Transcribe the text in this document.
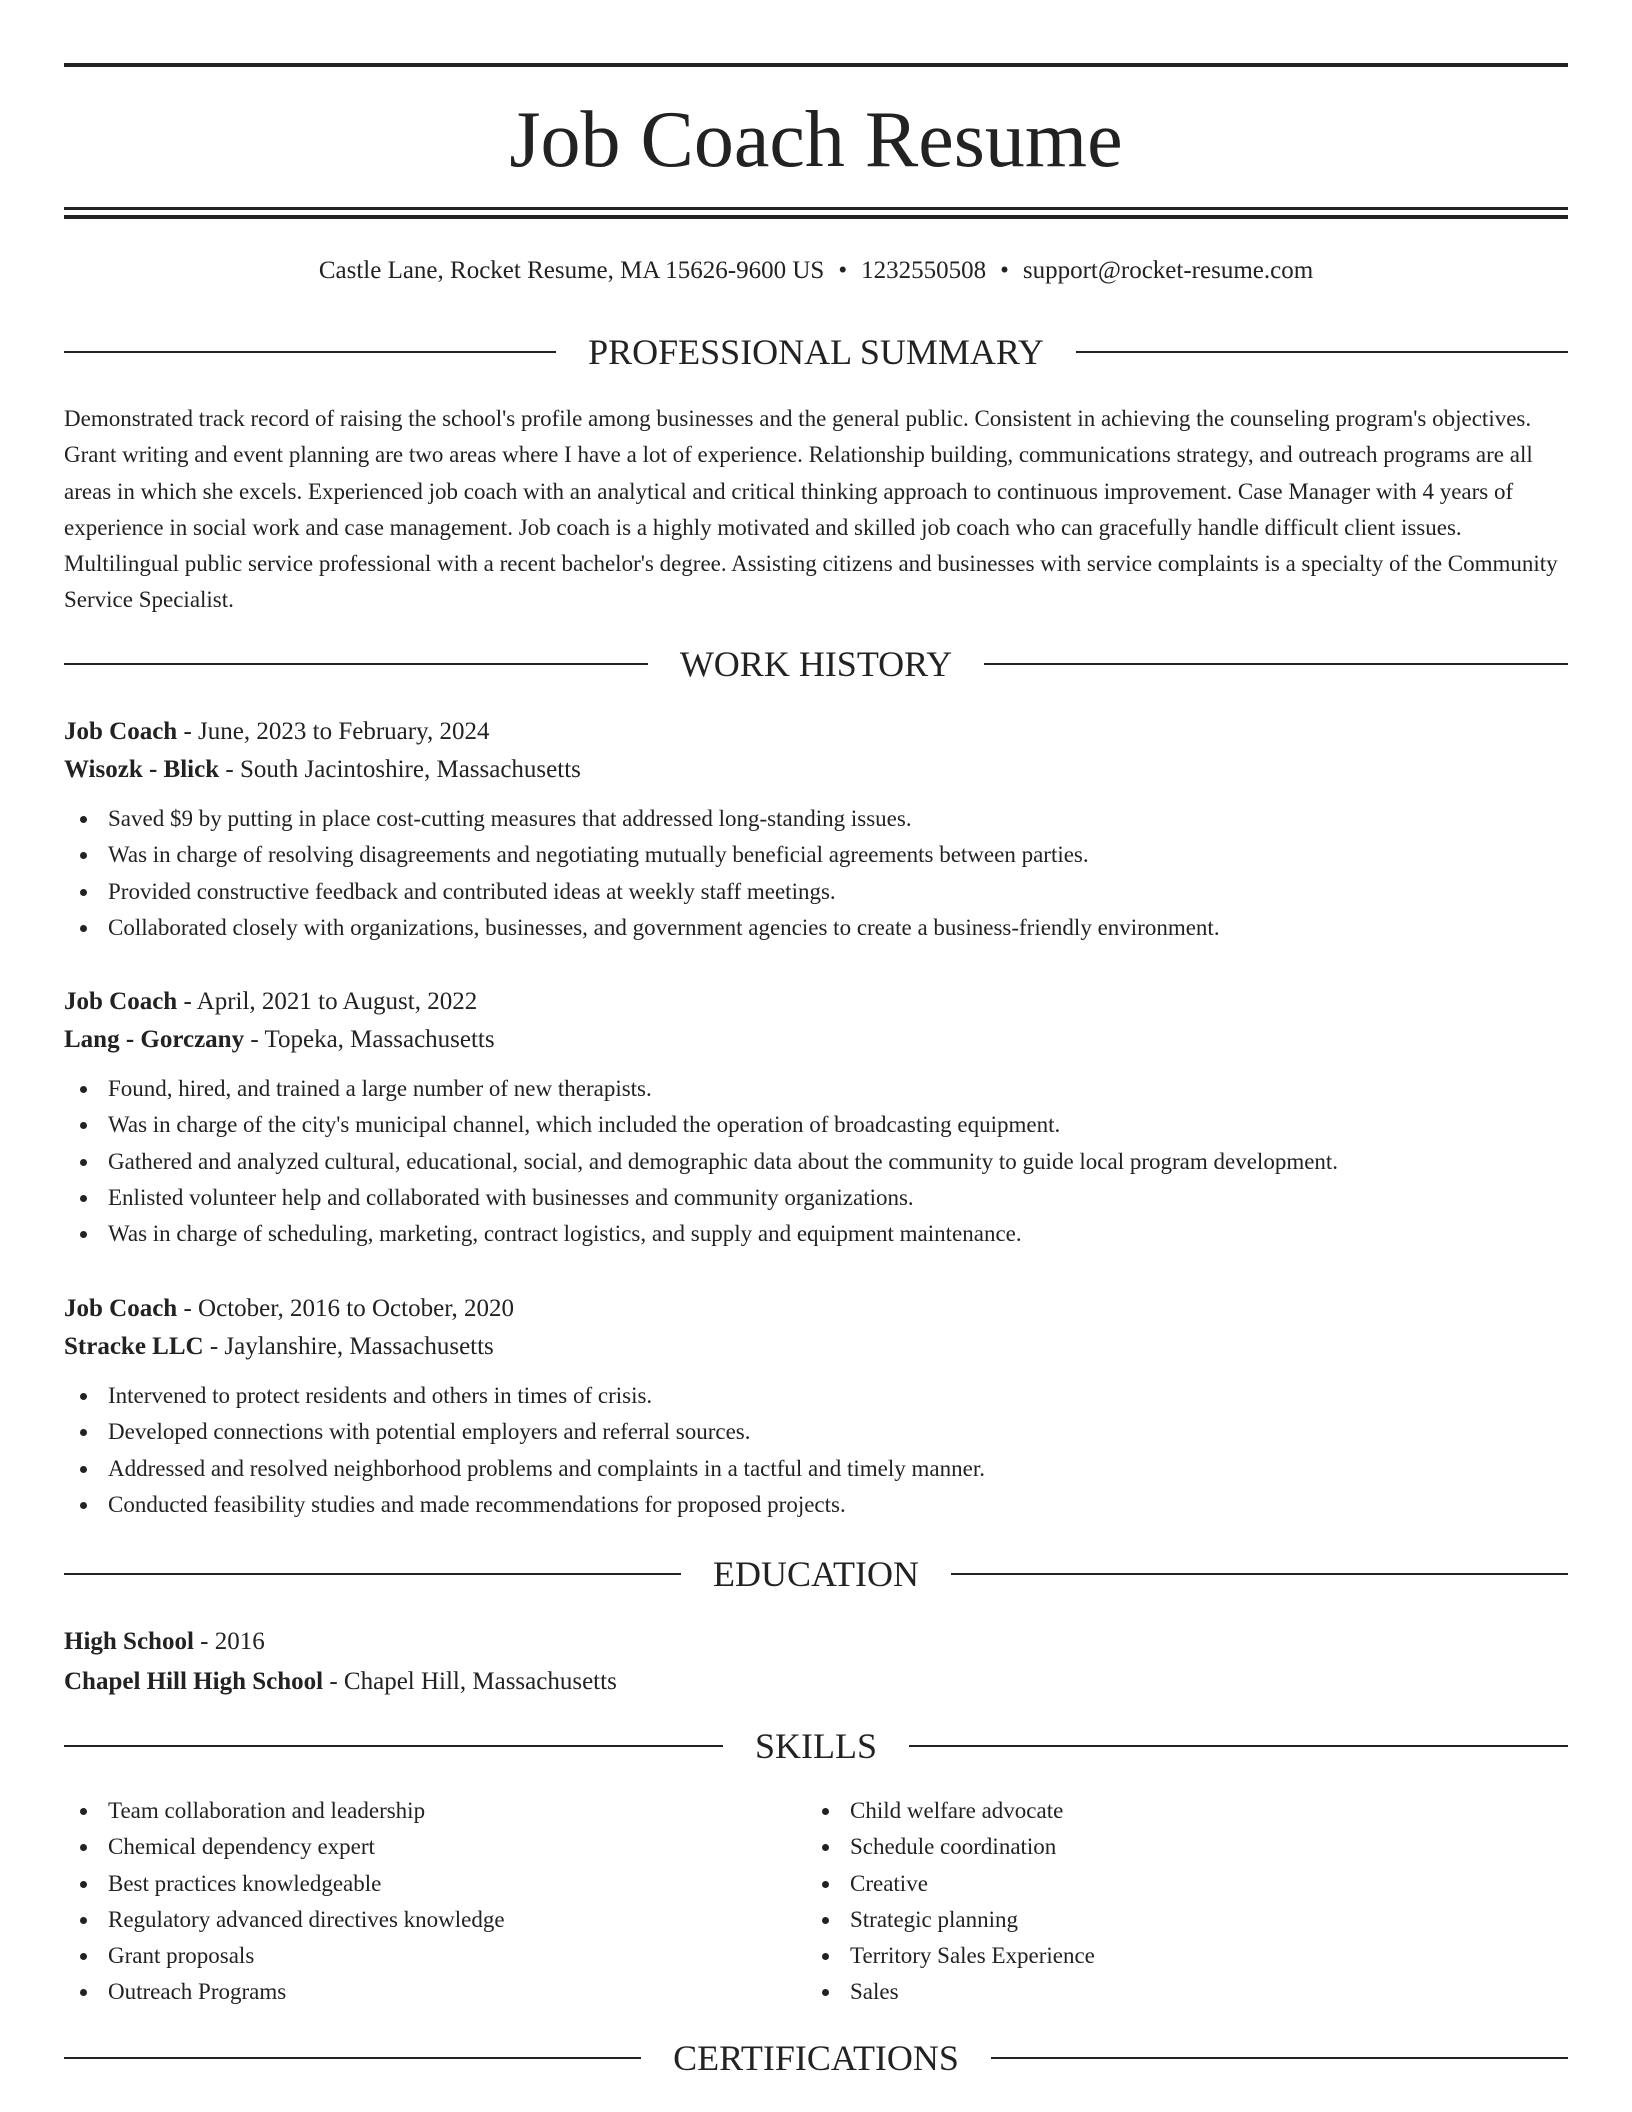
Job Coach Resume
Castle Lane, Rocket Resume, MA 15626-9600 US • 1232550508 • support@rocket-resume.com
PROFESSIONAL SUMMARY
Demonstrated track record of raising the school's profile among businesses and the general public. Consistent in achieving the counseling program's objectives. Grant writing and event planning are two areas where I have a lot of experience. Relationship building, communications strategy, and outreach programs are all areas in which she excels. Experienced job coach with an analytical and critical thinking approach to continuous improvement. Case Manager with 4 years of experience in social work and case management. Job coach is a highly motivated and skilled job coach who can gracefully handle difficult client issues. Multilingual public service professional with a recent bachelor's degree. Assisting citizens and businesses with service complaints is a specialty of the Community Service Specialist.
WORK HISTORY
Job Coach - June, 2023 to February, 2024
Wisozk - Blick - South Jacintoshire, Massachusetts
Saved $9 by putting in place cost-cutting measures that addressed long-standing issues.
Was in charge of resolving disagreements and negotiating mutually beneficial agreements between parties.
Provided constructive feedback and contributed ideas at weekly staff meetings.
Collaborated closely with organizations, businesses, and government agencies to create a business-friendly environment.
Job Coach - April, 2021 to August, 2022
Lang - Gorczany - Topeka, Massachusetts
Found, hired, and trained a large number of new therapists.
Was in charge of the city's municipal channel, which included the operation of broadcasting equipment.
Gathered and analyzed cultural, educational, social, and demographic data about the community to guide local program development.
Enlisted volunteer help and collaborated with businesses and community organizations.
Was in charge of scheduling, marketing, contract logistics, and supply and equipment maintenance.
Job Coach - October, 2016 to October, 2020
Stracke LLC - Jaylanshire, Massachusetts
Intervened to protect residents and others in times of crisis.
Developed connections with potential employers and referral sources.
Addressed and resolved neighborhood problems and complaints in a tactful and timely manner.
Conducted feasibility studies and made recommendations for proposed projects.
EDUCATION
High School - 2016
Chapel Hill High School - Chapel Hill, Massachusetts
SKILLS
Team collaboration and leadership
Chemical dependency expert
Best practices knowledgeable
Regulatory advanced directives knowledge
Grant proposals
Outreach Programs
Child welfare advocate
Schedule coordination
Creative
Strategic planning
Territory Sales Experience
Sales
CERTIFICATIONS
